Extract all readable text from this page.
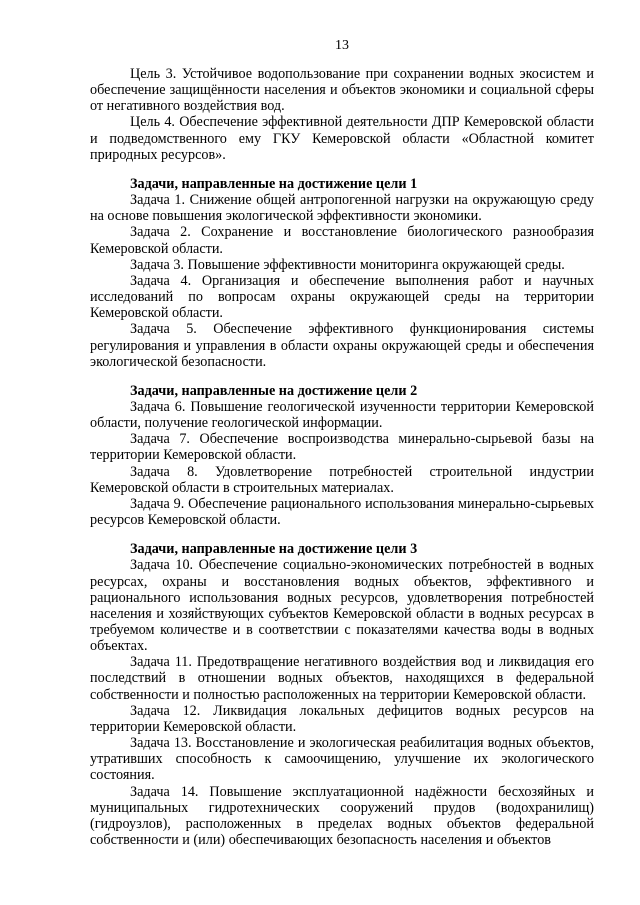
13

Цель 3. Устойчивое водопользование при сохранении водных экосистем и обеспечение защищённости населения и объектов экономики и социальной сферы от негативного воздействия вод.

Цель 4. Обеспечение эффективной деятельности ДПР Кемеровской области и подведомственного ему ГКУ Кемеровской области «Областной комитет природных ресурсов».

Задачи, направленные на достижение цели 1

Задача 1. Снижение общей антропогенной нагрузки на окружающую среду на основе повышения экологической эффективности экономики.

Задача 2. Сохранение и восстановление биологического разнообразия Кемеровской области.

Задача 3. Повышение эффективности мониторинга окружающей среды.

Задача 4. Организация и обеспечение выполнения работ и научных исследований по вопросам охраны окружающей среды на территории Кемеровской области.

Задача 5. Обеспечение эффективного функционирования системы регулирования и управления в области охраны окружающей среды и обеспечения экологической безопасности.

Задачи, направленные на достижение цели 2

Задача 6. Повышение геологической изученности территории Кемеровской области, получение геологической информации.

Задача 7. Обеспечение воспроизводства минерально-сырьевой базы на территории Кемеровской области.

Задача 8. Удовлетворение потребностей строительной индустрии Кемеровской области в строительных материалах.

Задача 9. Обеспечение рационального использования минерально-сырьевых ресурсов Кемеровской области.

Задачи, направленные на достижение цели 3

Задача 10. Обеспечение социально-экономических потребностей в водных ресурсах, охраны и восстановления водных объектов, эффективного и рационального использования водных ресурсов, удовлетворения потребностей населения и хозяйствующих субъектов Кемеровской области в водных ресурсах в требуемом количестве и в соответствии с показателями качества воды в водных объектах.

Задача 11. Предотвращение негативного воздействия вод и ликвидация его последствий в отношении водных объектов, находящихся в федеральной собственности и полностью расположенных на территории Кемеровской области.

Задача 12. Ликвидация локальных дефицитов водных ресурсов на территории Кемеровской области.

Задача 13. Восстановление и экологическая реабилитация водных объектов, утративших способность к самоочищению, улучшение их экологического состояния.

Задача 14. Повышение эксплуатационной надёжности бесхозяйных и муниципальных гидротехнических сооружений прудов (водохранилищ) (гидроузлов), расположенных в пределах водных объектов федеральной собственности и (или) обеспечивающих безопасность населения и объектов
